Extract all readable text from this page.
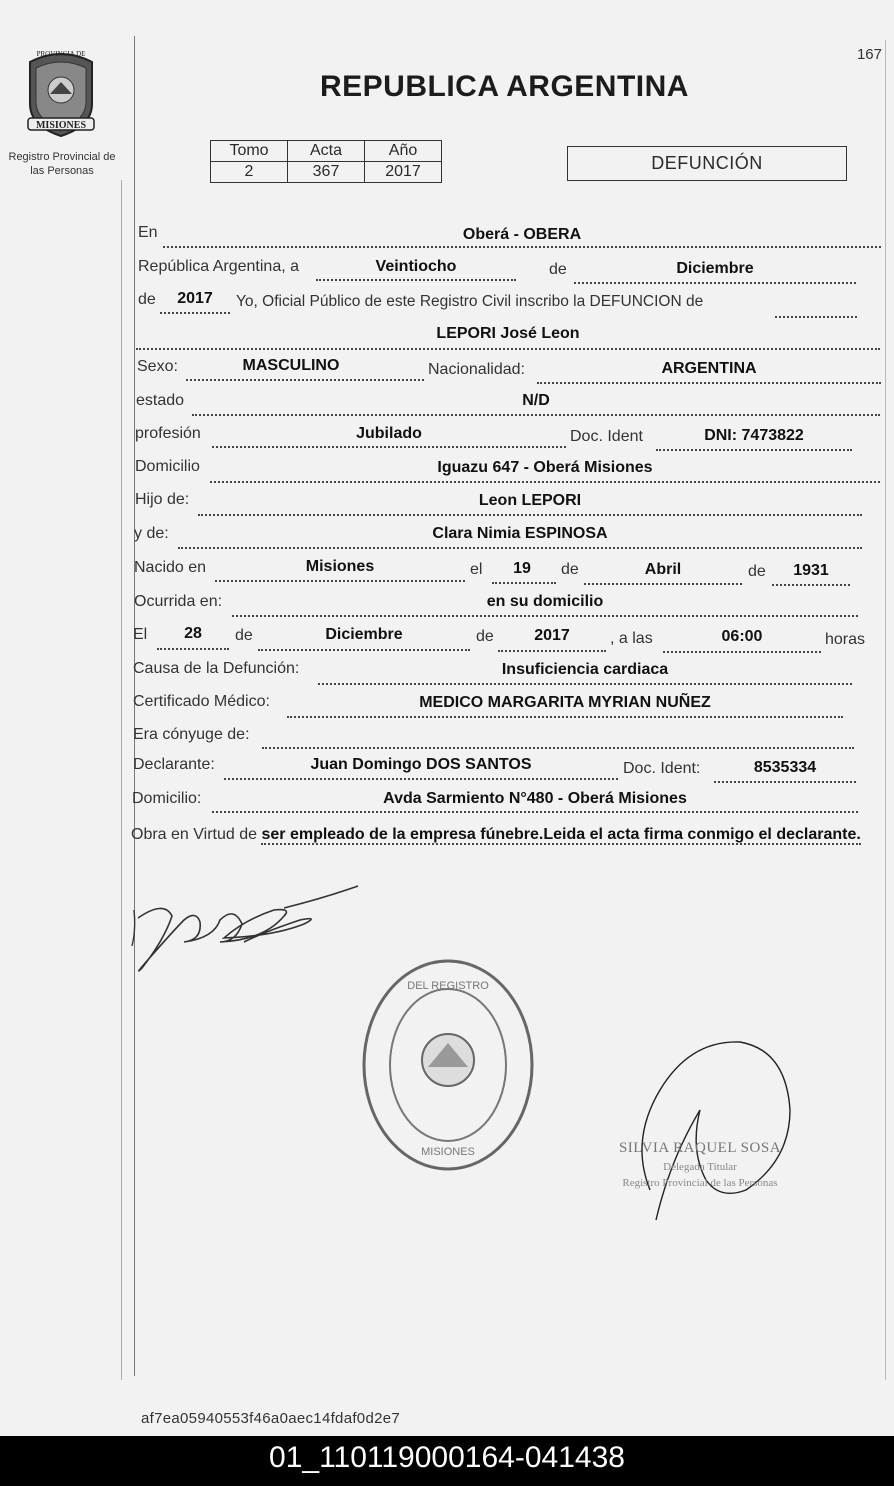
167
MISIONES
PROVINCIA DE
Registro Provincial de las Personas
REPUBLICA ARGENTINA
Tomo	Acta	Año
2	367	2017	DEFUNCIÓN
En	Oberá - OBERA
República Argentina, a	Veintiocho	de	Diciembre
de	2017	Yo, Oficial Público de este Registro Civil inscribo la DEFUNCION de
LEPORI José Leon
Sexo:	MASCULINO	Nacionalidad:	ARGENTINA
estado	N/D
profesión	Jubilado	Doc. Ident	DNI: 7473822
Domicilio	Iguazu 647 - Oberá Misiones
Hijo de:	Leon LEPORI
y de:	Clara Nimia ESPINOSA
Nacido en	Misiones	el	19	de	Abril	de	1931
Ocurrida en:	en su domicilio
El	28	de	Diciembre	de	2017	, a las	06:00	horas
Causa de la Defunción:	Insuficiencia cardiaca
Certificado Médico:	MEDICO MARGARITA MYRIAN NUÑEZ
Era cónyuge de:
Declarante:	Juan Domingo DOS SANTOS	Doc. Ident:	8535334
Domicilio:	Avda Sarmiento N°480 - Oberá Misiones
Obra en Virtud de ser empleado de la empresa fúnebre.Leida el acta firma conmigo el declarante.
DEL REGISTRO
MISIONES	SILVIA RAQUEL SOSA
Delegada Titular
Registro Provincial de las Personas
af7ea05940553f46a0aec14fdaf0d2e7
01_110119000164-041438
